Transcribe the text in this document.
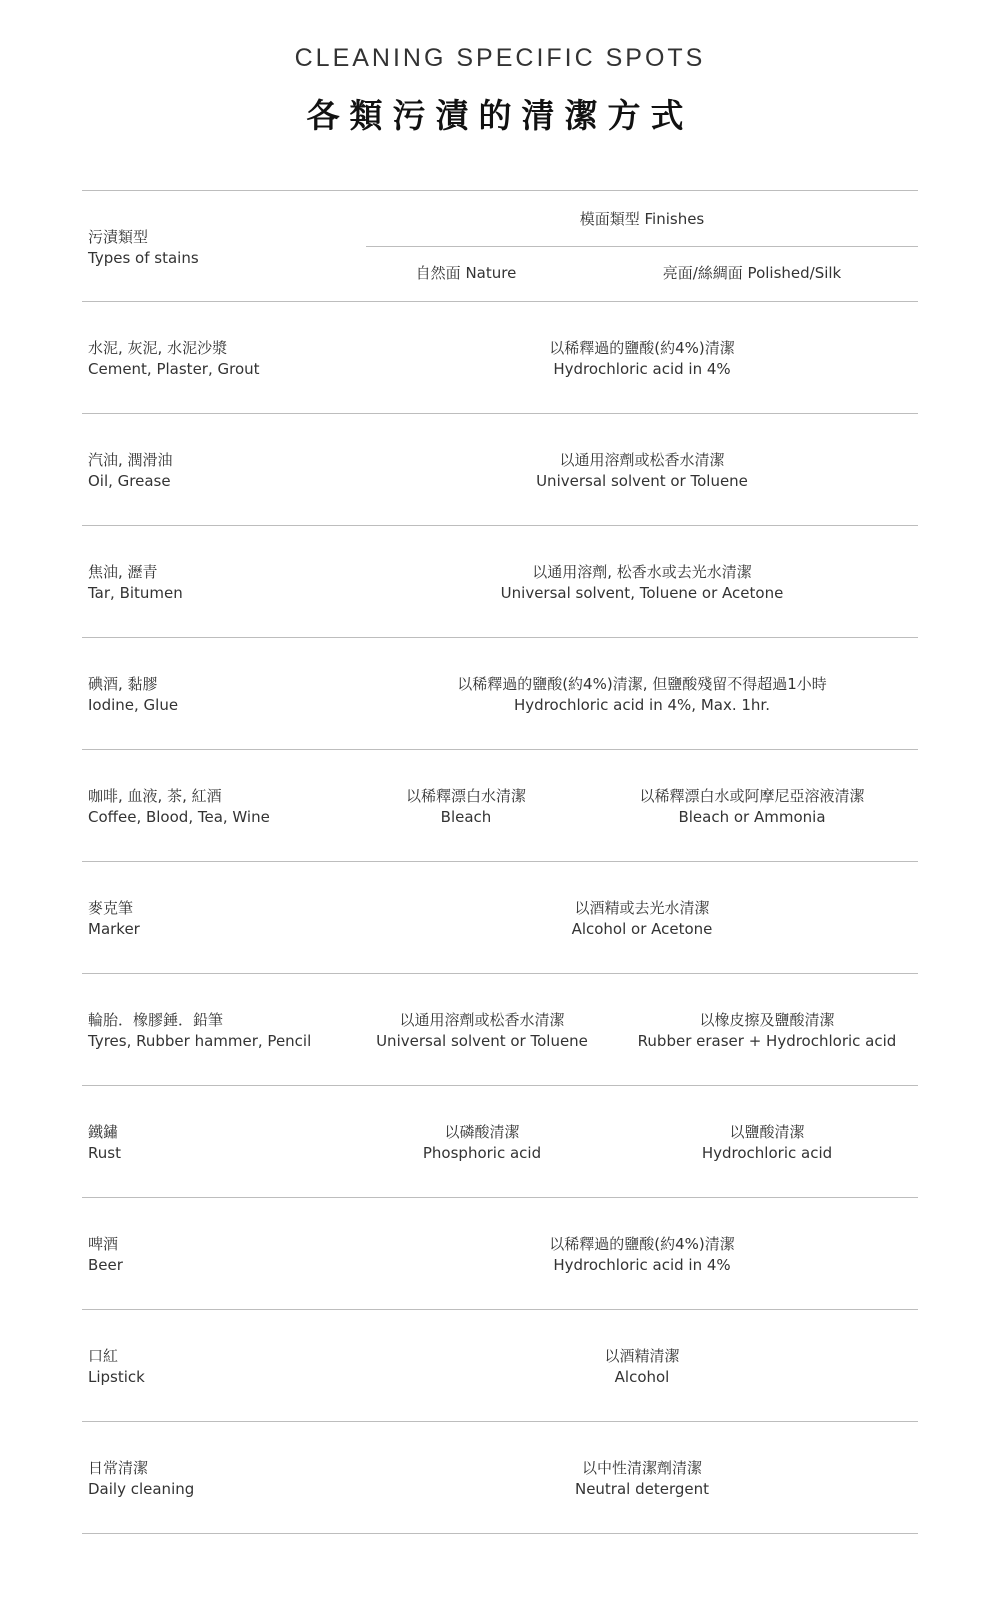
CLEANING SPECIFIC SPOTS
各類污漬的清潔方式
污漬類型
Types of stains
模面類型 Finishes
自然面 Nature	亮面/絲綢面 Polished/Silk
水泥, 灰泥, 水泥沙漿
Cement, Plaster, Grout
以稀釋過的鹽酸(約4%)清潔
Hydrochloric acid in 4%
汽油, 潤滑油
Oil, Grease
以通用溶劑或松香水清潔
Universal solvent or Toluene
焦油, 瀝青
Tar, Bitumen
以通用溶劑, 松香水或去光水清潔
Universal solvent, Toluene or Acetone
碘酒, 黏膠
Iodine, Glue
以稀釋過的鹽酸(約4%)清潔, 但鹽酸殘留不得超過1小時
Hydrochloric acid in 4%, Max. 1hr.
咖啡, 血液, 茶, 紅酒
Coffee, Blood, Tea, Wine
以稀釋漂白水清潔
Bleach
以稀釋漂白水或阿摩尼亞溶液清潔
Bleach or Ammonia
麥克筆
Marker
以酒精或去光水清潔
Alcohol or Acetone
輪胎．橡膠錘．鉛筆
Tyres, Rubber hammer, Pencil
以通用溶劑或松香水清潔
Universal solvent or Toluene
以橡皮擦及鹽酸清潔
Rubber eraser + Hydrochloric acid
鐵鏽
Rust
以磷酸清潔
Phosphoric acid
以鹽酸清潔
Hydrochloric acid
啤酒
Beer
以稀釋過的鹽酸(約4%)清潔
Hydrochloric acid in 4%
口紅
Lipstick
以酒精清潔
Alcohol
日常清潔
Daily cleaning
以中性清潔劑清潔
Neutral detergent
